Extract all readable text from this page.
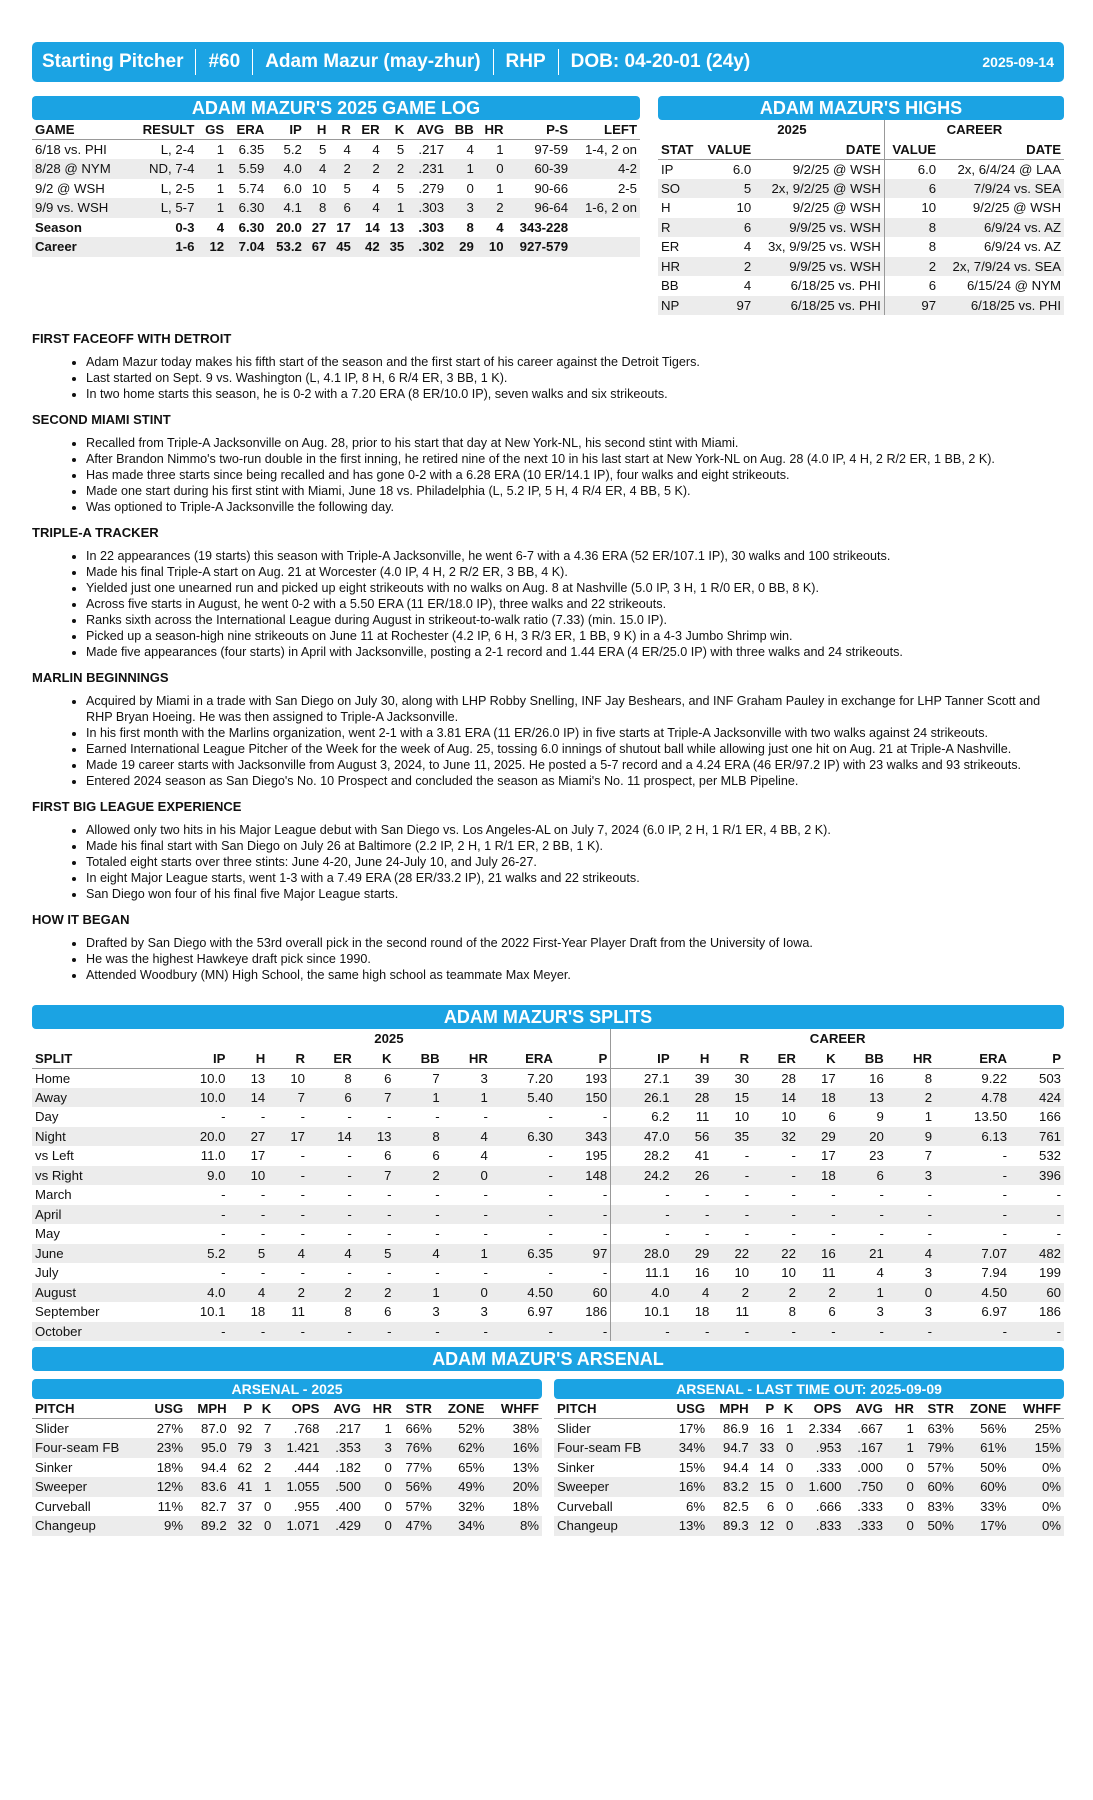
Starting Pitcher #60 Adam Mazur (may-zhur) RHP DOB: 04-20-01 (24y)	2025-09-14
ADAM MAZUR'S 2025 GAME LOG
GAME	RESULT	GS	ERA	IP	H	R	ER	K	AVG	BB	HR	P-S	LEFT
6/18 vs. PHI	L, 2-4	1	6.35	5.2	5	4	4	5	.217	4	1	97-59	1-4, 2 on
8/28 @ NYM	ND, 7-4	1	5.59	4.0	4	2	2	2	.231	1	0	60-39	4-2
9/2 @ WSH	L, 2-5	1	5.74	6.0	10	5	4	5	.279	0	1	90-66	2-5
9/9 vs. WSH	L, 5-7	1	6.30	4.1	8	6	4	1	.303	3	2	96-64	1-6, 2 on
Season	0-3	4	6.30	20.0	27	17	14	13	.303	8	4	343-228	
Career	1-6	12	7.04	53.2	67	45	42	35	.302	29	10	927-579	
ADAM MAZUR'S HIGHS
	2025		CAREER	
STAT	VALUE	DATE	VALUE	DATE
IP	6.0	9/2/25 @ WSH	6.0	2x, 6/4/24 @ LAA
SO	5	2x, 9/2/25 @ WSH	6	7/9/24 vs. SEA
H	10	9/2/25 @ WSH	10	9/2/25 @ WSH
R	6	9/9/25 vs. WSH	8	6/9/24 vs. AZ
ER	4	3x, 9/9/25 vs. WSH	8	6/9/24 vs. AZ
HR	2	9/9/25 vs. WSH	2	2x, 7/9/24 vs. SEA
BB	4	6/18/25 vs. PHI	6	6/15/24 @ NYM
NP	97	6/18/25 vs. PHI	97	6/18/25 vs. PHI
FIRST FACEOFF WITH DETROIT
• Adam Mazur today makes his fifth start of the season and the first start of his career against the Detroit Tigers.
• Last started on Sept. 9 vs. Washington (L, 4.1 IP, 8 H, 6 R/4 ER, 3 BB, 1 K).
• In two home starts this season, he is 0-2 with a 7.20 ERA (8 ER/10.0 IP), seven walks and six strikeouts.
SECOND MIAMI STINT
• Recalled from Triple-A Jacksonville on Aug. 28, prior to his start that day at New York-NL, his second stint with Miami.
• After Brandon Nimmo's two-run double in the first inning, he retired nine of the next 10 in his last start at New York-NL on Aug. 28 (4.0 IP, 4 H, 2 R/2 ER, 1 BB, 2 K).
• Has made three starts since being recalled and has gone 0-2 with a 6.28 ERA (10 ER/14.1 IP), four walks and eight strikeouts.
• Made one start during his first stint with Miami, June 18 vs. Philadelphia (L, 5.2 IP, 5 H, 4 R/4 ER, 4 BB, 5 K).
• Was optioned to Triple-A Jacksonville the following day.
TRIPLE-A TRACKER
• In 22 appearances (19 starts) this season with Triple-A Jacksonville, he went 6-7 with a 4.36 ERA (52 ER/107.1 IP), 30 walks and 100 strikeouts.
• Made his final Triple-A start on Aug. 21 at Worcester (4.0 IP, 4 H, 2 R/2 ER, 3 BB, 4 K).
• Yielded just one unearned run and picked up eight strikeouts with no walks on Aug. 8 at Nashville (5.0 IP, 3 H, 1 R/0 ER, 0 BB, 8 K).
• Across five starts in August, he went 0-2 with a 5.50 ERA (11 ER/18.0 IP), three walks and 22 strikeouts.
• Ranks sixth across the International League during August in strikeout-to-walk ratio (7.33) (min. 15.0 IP).
• Picked up a season-high nine strikeouts on June 11 at Rochester (4.2 IP, 6 H, 3 R/3 ER, 1 BB, 9 K) in a 4-3 Jumbo Shrimp win.
• Made five appearances (four starts) in April with Jacksonville, posting a 2-1 record and 1.44 ERA (4 ER/25.0 IP) with three walks and 24 strikeouts.
MARLIN BEGINNINGS
• Acquired by Miami in a trade with San Diego on July 30, along with LHP Robby Snelling, INF Jay Beshears, and INF Graham Pauley in exchange for LHP Tanner Scott and RHP Bryan Hoeing. He was then assigned to Triple-A Jacksonville.
• In his first month with the Marlins organization, went 2-1 with a 3.81 ERA (11 ER/26.0 IP) in five starts at Triple-A Jacksonville with two walks against 24 strikeouts.
• Earned International League Pitcher of the Week for the week of Aug. 25, tossing 6.0 innings of shutout ball while allowing just one hit on Aug. 21 at Triple-A Nashville.
• Made 19 career starts with Jacksonville from August 3, 2024, to June 11, 2025. He posted a 5-7 record and a 4.24 ERA (46 ER/97.2 IP) with 23 walks and 93 strikeouts.
• Entered 2024 season as San Diego's No. 10 Prospect and concluded the season as Miami's No. 11 prospect, per MLB Pipeline.
FIRST BIG LEAGUE EXPERIENCE
• Allowed only two hits in his Major League debut with San Diego vs. Los Angeles-AL on July 7, 2024 (6.0 IP, 2 H, 1 R/1 ER, 4 BB, 2 K).
• Made his final start with San Diego on July 26 at Baltimore (2.2 IP, 2 H, 1 R/1 ER, 2 BB, 1 K).
• Totaled eight starts over three stints: June 4-20, June 24-July 10, and July 26-27.
• In eight Major League starts, went 1-3 with a 7.49 ERA (28 ER/33.2 IP), 21 walks and 22 strikeouts.
• San Diego won four of his final five Major League starts.
HOW IT BEGAN
• Drafted by San Diego with the 53rd overall pick in the second round of the 2022 First-Year Player Draft from the University of Iowa.
• He was the highest Hawkeye draft pick since 1990.
• Attended Woodbury (MN) High School, the same high school as teammate Max Meyer.
ADAM MAZUR'S SPLITS
	2025									CAREER								
SPLIT	IP	H	R	ER	K	BB	HR	ERA	P	IP	H	R	ER	K	BB	HR	ERA	P
Home	10.0	13	10	8	6	7	3	7.20	193	27.1	39	30	28	17	16	8	9.22	503
Away	10.0	14	7	6	7	1	1	5.40	150	26.1	28	15	14	18	13	2	4.78	424
Day	-	-	-	-	-	-	-	-	-	6.2	11	10	10	6	9	1	13.50	166
Night	20.0	27	17	14	13	8	4	6.30	343	47.0	56	35	32	29	20	9	6.13	761
vs Left	11.0	17	-	-	6	6	4	-	195	28.2	41	-	-	17	23	7	-	532
vs Right	9.0	10	-	-	7	2	0	-	148	24.2	26	-	-	18	6	3	-	396
March	-	-	-	-	-	-	-	-	-	-	-	-	-	-	-	-	-	-
April	-	-	-	-	-	-	-	-	-	-	-	-	-	-	-	-	-	-
May	-	-	-	-	-	-	-	-	-	-	-	-	-	-	-	-	-	-
June	5.2	5	4	4	5	4	1	6.35	97	28.0	29	22	22	16	21	4	7.07	482
July	-	-	-	-	-	-	-	-	-	11.1	16	10	10	11	4	3	7.94	199
August	4.0	4	2	2	2	1	0	4.50	60	4.0	4	2	2	2	1	0	4.50	60
September	10.1	18	11	8	6	3	3	6.97	186	10.1	18	11	8	6	3	3	6.97	186
October	-	-	-	-	-	-	-	-	-	-	-	-	-	-	-	-	-	-
ADAM MAZUR'S ARSENAL
ARSENAL - 2025
PITCH	USG	MPH	P	K	OPS	AVG	HR	STR	ZONE	WHFF
Slider	27%	87.0	92	7	.768	.217	1	66%	52%	38%
Four-seam FB	23%	95.0	79	3	1.421	.353	3	76%	62%	16%
Sinker	18%	94.4	62	2	.444	.182	0	77%	65%	13%
Sweeper	12%	83.6	41	1	1.055	.500	0	56%	49%	20%
Curveball	11%	82.7	37	0	.955	.400	0	57%	32%	18%
Changeup	9%	89.2	32	0	1.071	.429	0	47%	34%	8%
ARSENAL - LAST TIME OUT: 2025-09-09
PITCH	USG	MPH	P	K	OPS	AVG	HR	STR	ZONE	WHFF
Slider	17%	86.9	16	1	2.334	.667	1	63%	56%	25%
Four-seam FB	34%	94.7	33	0	.953	.167	1	79%	61%	15%
Sinker	15%	94.4	14	0	.333	.000	0	57%	50%	0%
Sweeper	16%	83.2	15	0	1.600	.750	0	60%	60%	0%
Curveball	6%	82.5	6	0	.666	.333	0	83%	33%	0%
Changeup	13%	89.3	12	0	.833	.333	0	50%	17%	0%
